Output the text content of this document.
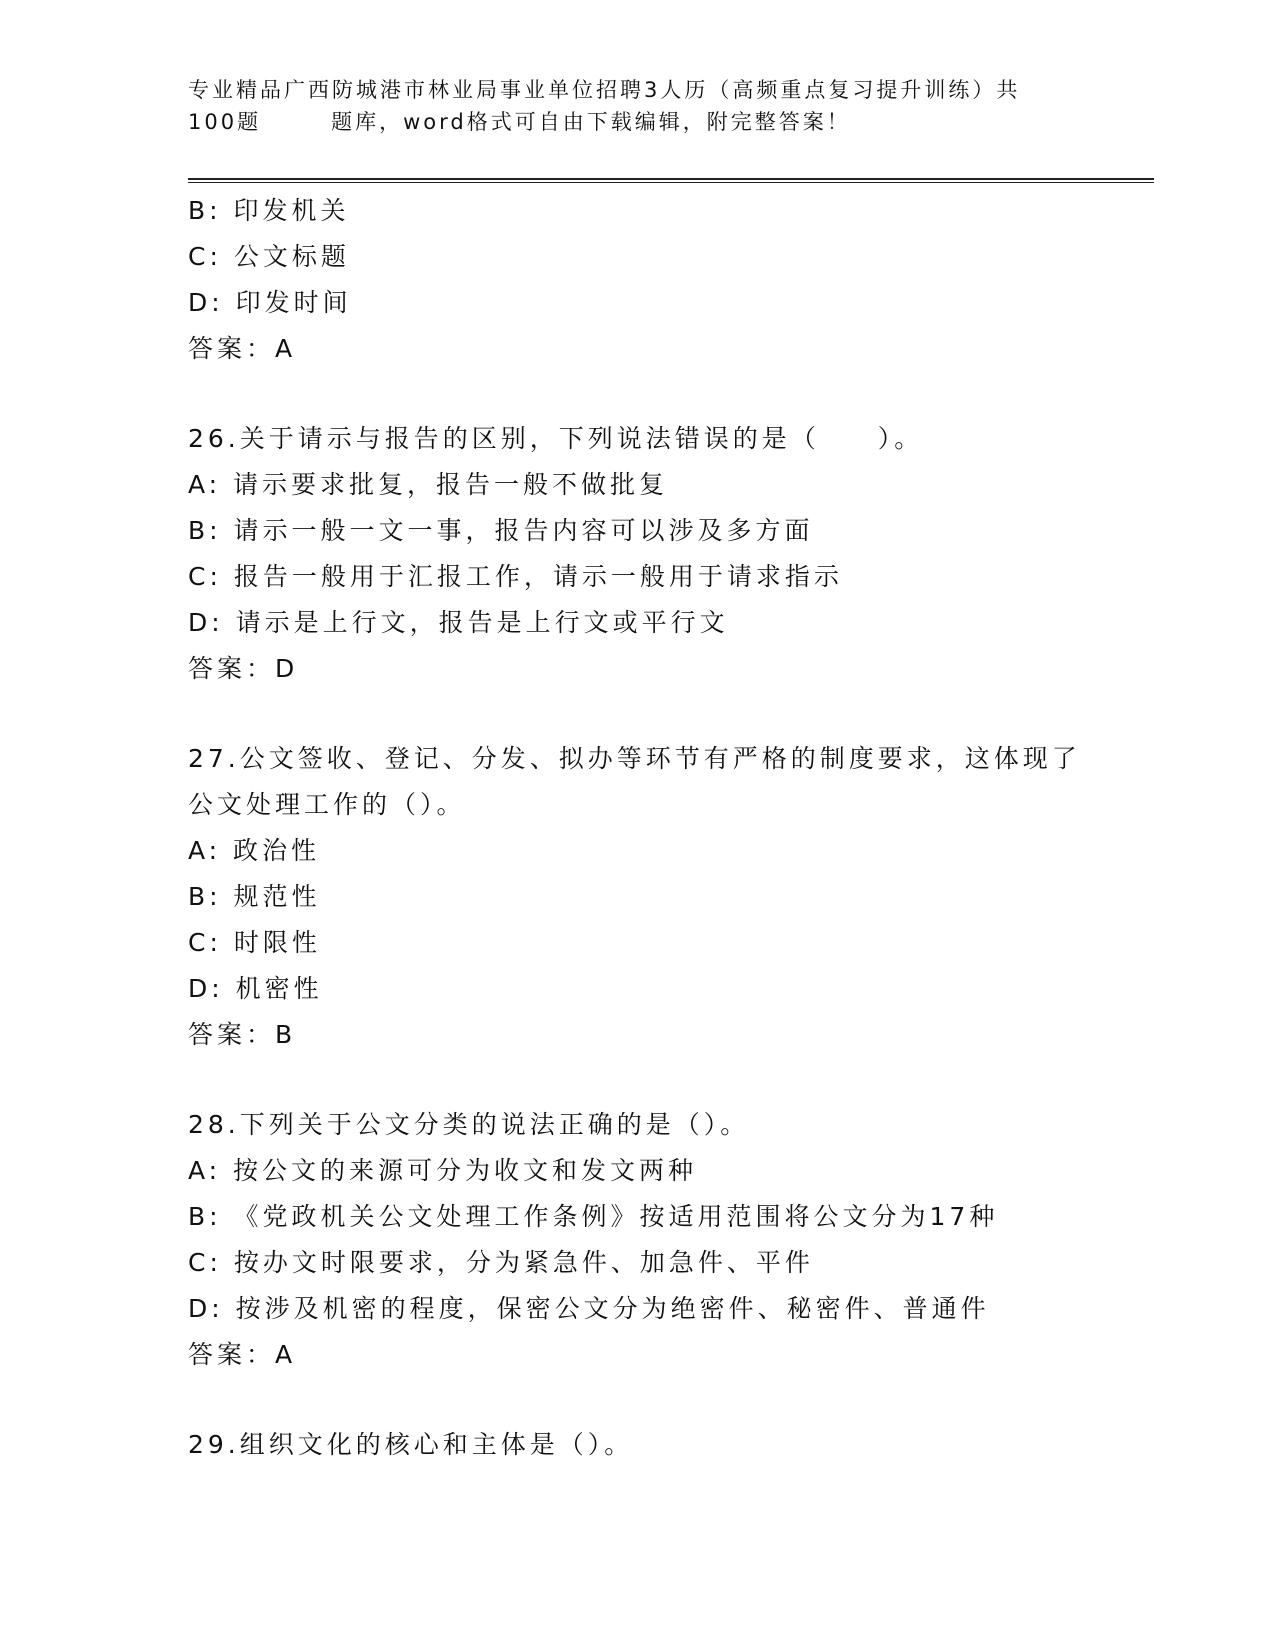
专业精品广西防城港市林业局事业单位招聘3人历（高频重点复习提升训练）共
100题	题库，word格式可自由下载编辑，附完整答案！
B: 印发机关
C: 公文标题
D: 印发时间
答案：A
26.关于请示与报告的区别，下列说法错误的是（　　）。
A: 请示要求批复，报告一般不做批复
B: 请示一般一文一事，报告内容可以涉及多方面
C: 报告一般用于汇报工作，请示一般用于请求指示
D: 请示是上行文，报告是上行文或平行文
答案：D
27.公文签收、登记、分发、拟办等环节有严格的制度要求，这体现了
公文处理工作的（）。
A: 政治性
B: 规范性
C: 时限性
D: 机密性
答案：B
28.下列关于公文分类的说法正确的是（）。
A: 按公文的来源可分为收文和发文两种
B: 《党政机关公文处理工作条例》按适用范围将公文分为17种
C: 按办文时限要求，分为紧急件、加急件、平件
D: 按涉及机密的程度，保密公文分为绝密件、秘密件、普通件
答案：A
29.组织文化的核心和主体是（）。
